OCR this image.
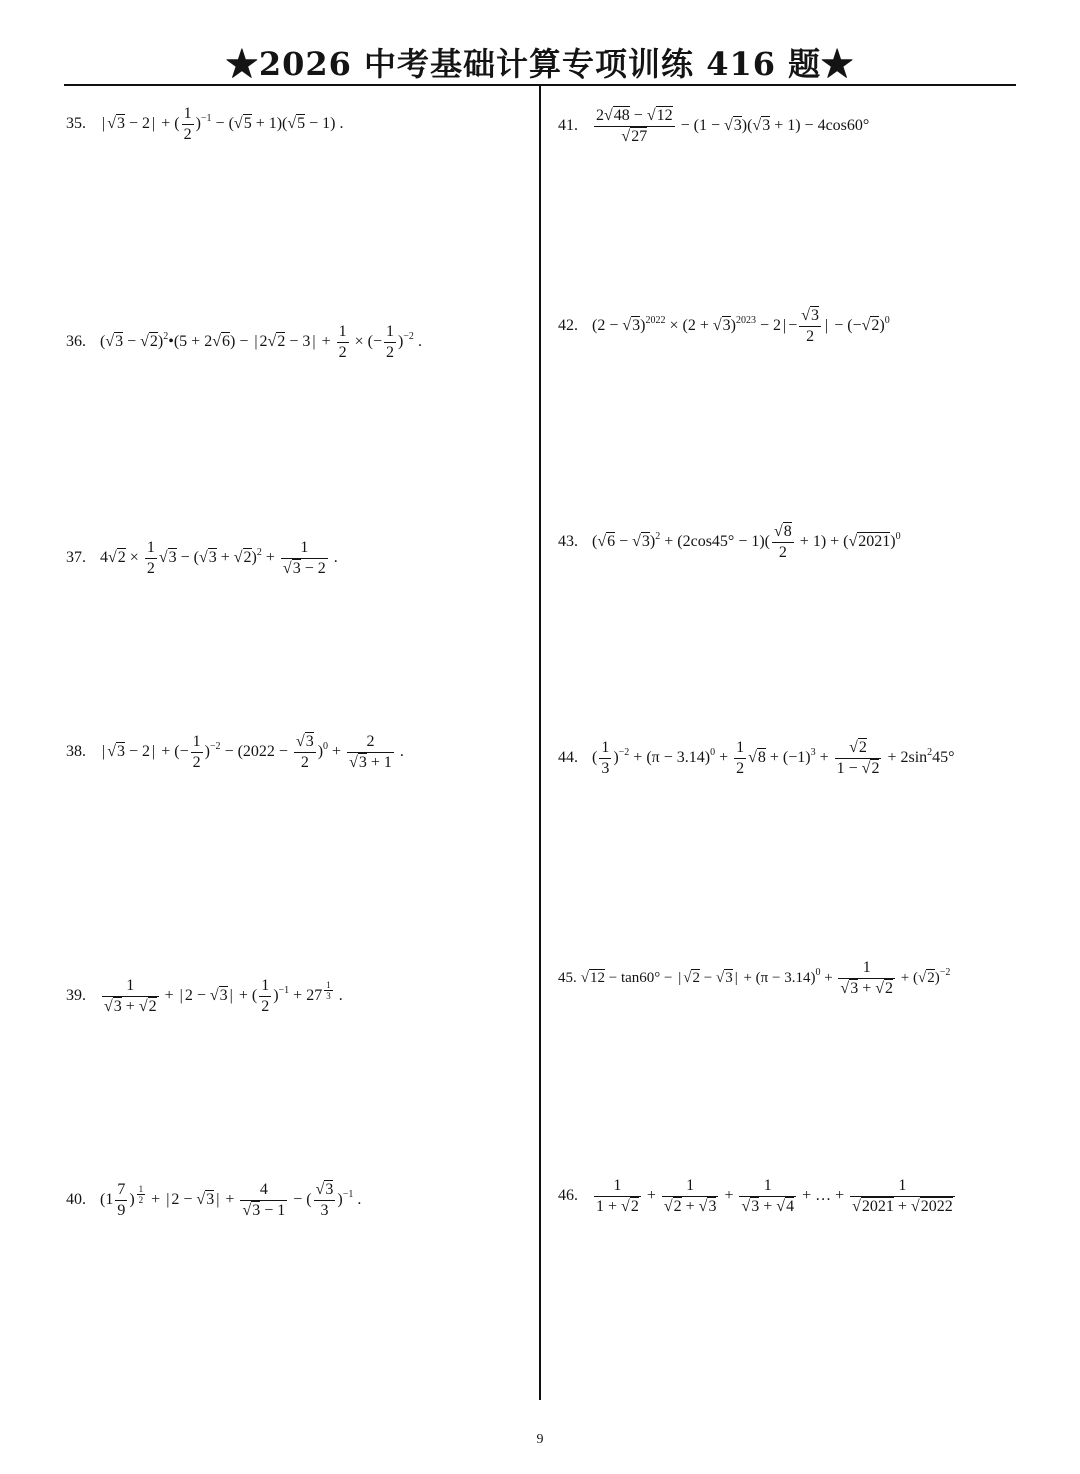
★2026 中考基础计算专项训练 416 题★
35. | √3 − 2 | + ( $\frac{1}{2} )^{-1} - (√5 + 1)(√5 - 1)$ .
36. $(√3 - √2)^2•(5 + 2√6)$ − | 2√2 − 3 | + $\frac{1}{2}$ × (− $\frac{1}{2} )^{-2}$ .
37. $4√2 \times \frac{1}{2} √3 - (√3 + √2)^2 + \frac{1}{√3 - 2}$ .
38. | √3 − 2 | + (− $\frac{1}{2} )^{-2} - (2022 - \frac{√3}{2} )^0 + \frac{2}{√3 + 1}$ .
39. $\frac{1}{√3 + √2}$ + | 2 − √3 | + ( $\frac{1}{2} )^{-1} + 27$ $^{\frac{1}{3}}$ .
40. ($1 \frac{7}{9}$ ) $^{\frac{1}{2}}$ + | 2 − √3 | + $\frac{4}{√3 - 1}$ − ( $\frac{√3}{3} )^{-1}$ .
41. $\frac{2√48 - √12}{√27} - (1 - √3)(√3 + 1) - 4\cos 60^\circ$
42. $(2 - √3)^{2022} \times (2 + √3)^{2023} - 2$ | − $\frac{√3}{2}$ | − $(-√2)^0$
43. $(√6 - √3)^2 + (2\cos 45^\circ - 1)( \frac{√8}{2} + 1) + (√2021)^0$
44. ( $\frac{1}{3} )^{-2} + (\pi - 3.14)^0 + \frac{1}{2} √8 + (-1)^3 + \frac{√2}{1 - √2} + 2\sin^245^\circ$
45. √12 − tan60° − | √2 − √3 | + $(\pi - 3.14)^0 + \frac{1}{√3 + √2} + (√2)^{-2}$
46. $\frac{1}{1 + √2} + \frac{1}{√2 + √3} + \frac{1}{√3 + √4}$ + … + $\frac{1}{√2021 + √2022}$
9
